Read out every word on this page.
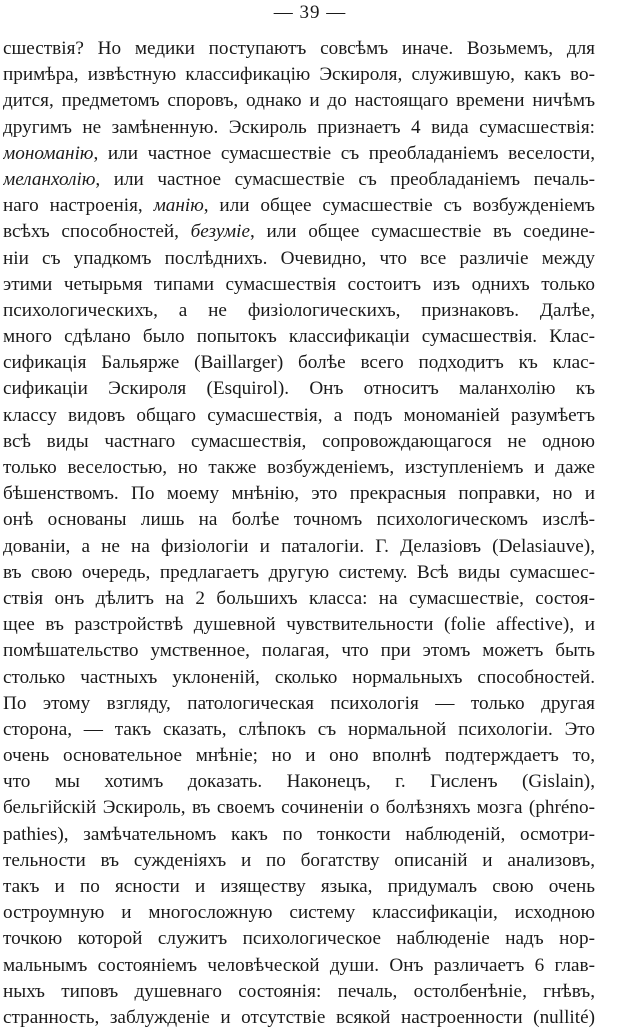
— 39 —
сшествія? Но медики поступаютъ совсѣмъ иначе. Возьмемъ, для
примѣра, извѣстную классификацію Эскироля, служившую, какъ во-
дится, предметомъ споровъ, однако и до настоящаго времени ничѣмъ
другимъ не замѣненную. Эскироль признаетъ 4 вида сумасшествія:
мономанію, или частное сумасшествіе съ преобладаніемъ веселости,
меланхолію, или частное сумасшествіе съ преобладаніемъ печаль-
наго настроенія, манію, или общее сумасшествіе съ возбужденіемъ
всѣхъ способностей, безуміе, или общее сумасшествіе въ соедине-
ніи съ упадкомъ послѣднихъ. Очевидно, что все различіе между
этими четырьмя типами сумасшествія состоитъ изъ однихъ только
психологическихъ, а не физіологическихъ, признаковъ. Далѣе,
много сдѣлано было попытокъ классификаціи сумасшествія. Клас-
сификація Бальярже (Baillarger) болѣе всего подходитъ къ клас-
сификаціи Эскироля (Esquirol). Онъ относитъ маланхолію къ
классу видовъ общаго сумасшествія, а подъ мономаніей разумѣетъ
всѣ виды частнаго сумасшествія, сопровождающагося не одною
только веселостью, но также возбужденіемъ, изступленіемъ и даже
бѣшенствомъ. По моему мнѣнію, это прекрасныя поправки, но и
онѣ основаны лишь на болѣе точномъ психологическомъ изслѣ-
дованіи, а не на физіологіи и паталогіи. Г. Делазіовъ (Delasiauve),
въ свою очередь, предлагаетъ другую систему. Всѣ виды сумасшес-
ствія онъ дѣлитъ на 2 большихъ класса: на сумасшествіе, состоя-
щее въ разстройствѣ душевной чувствительности (folie affective), и
помѣшательство умственное, полагая, что при этомъ можетъ быть
столько частныхъ уклоненій, сколько нормальныхъ способностей.
По этому взгляду, патологическая психологія — только другая
сторона, — такъ сказать, слѣпокъ съ нормальной психологіи. Это
очень основательное мнѣніе; но и оно вполнѣ подтерждаетъ то,
что мы хотимъ доказать. Наконецъ, г. Гисленъ (Gislain),
бельгійскій Эскироль, въ своемъ сочиненіи о болѣзняхъ мозга (phréno-
pathies), замѣчательномъ какъ по тонкости наблюденій, осмотри-
тельности въ сужденіяхъ и по богатству описаній и анализовъ,
такъ и по ясности и изяществу языка, придумалъ свою очень
остроумную и многосложную систему классификаціи, исходною
точкою которой служитъ психологическое наблюденіе надъ нор-
мальнымъ состояніемъ человѣческой души. Онъ различаетъ 6 глав-
ныхъ типовъ душевнаго состоянія: печаль, остолбенѣніе, гнѣвъ,
странность, заблужденіе и отсутствіе всякой настроенности (nullité)
